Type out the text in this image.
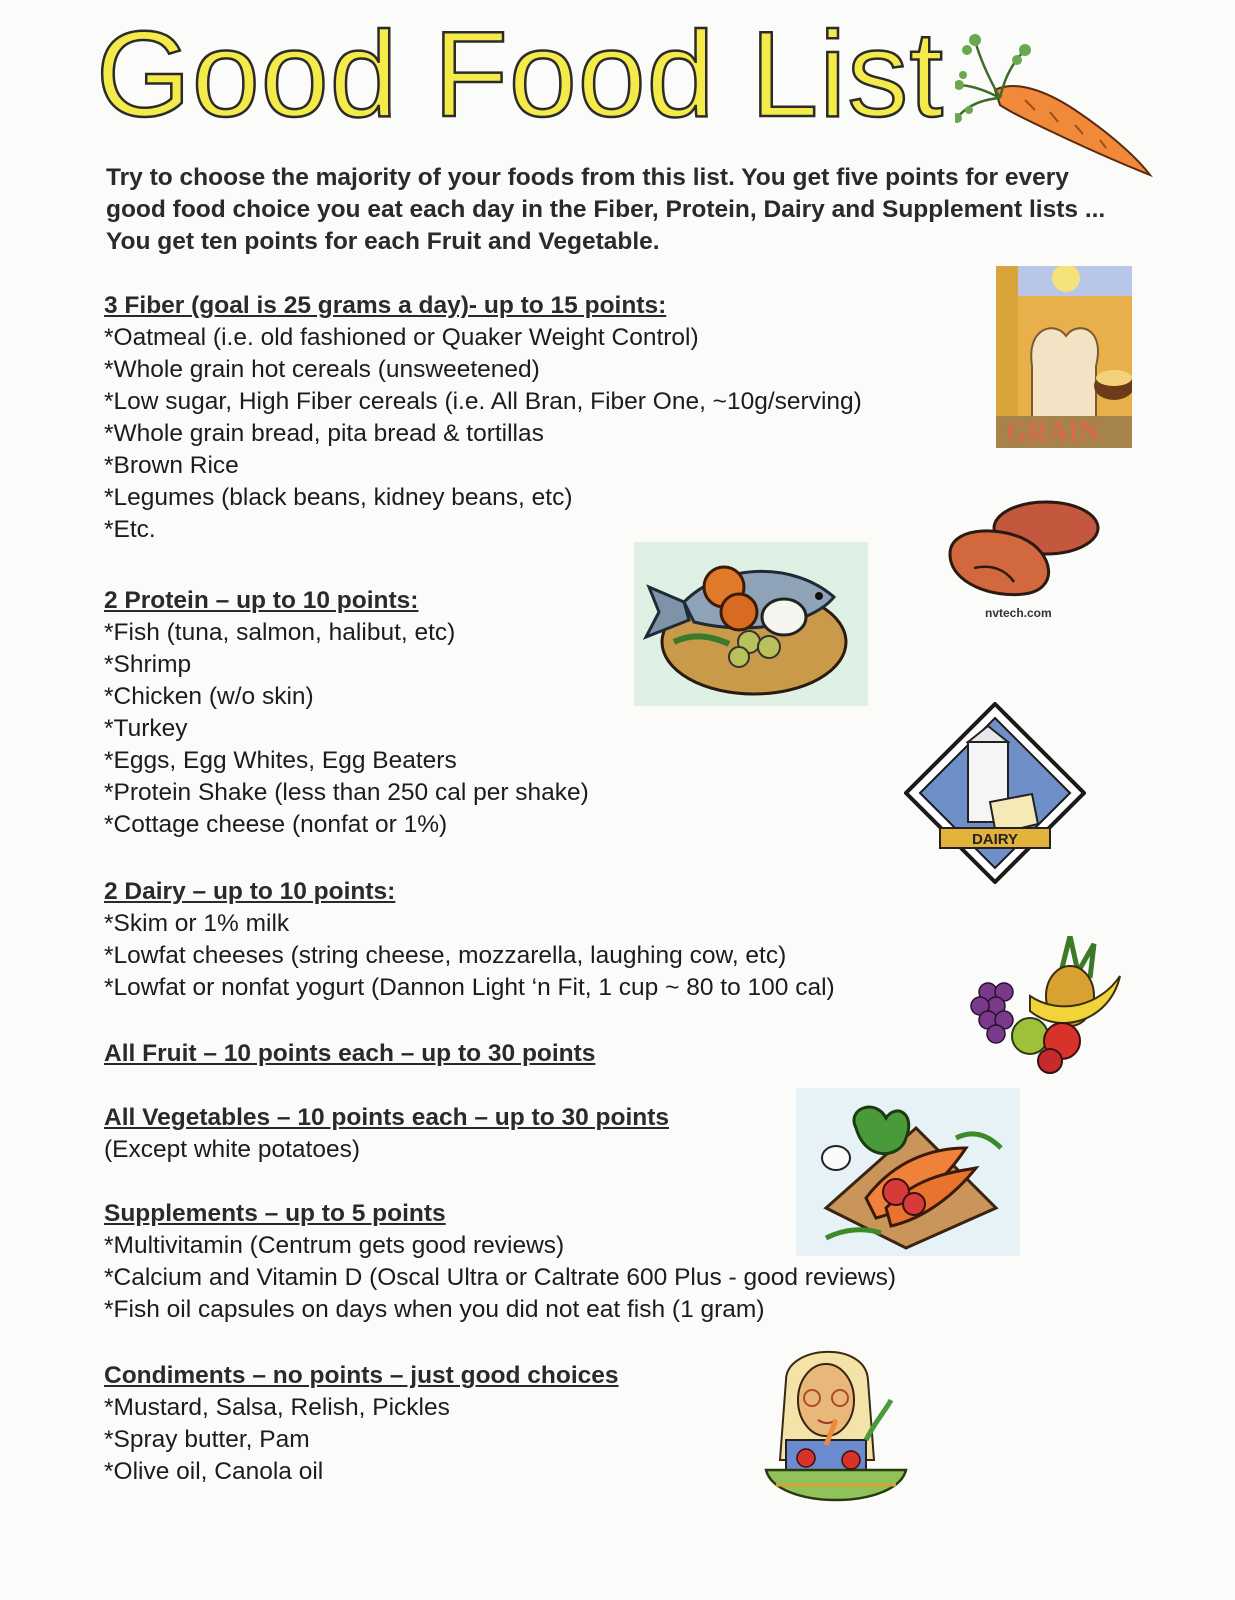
Good Food List
Try to choose the majority of your foods from this list. You get five points for every good food choice you eat each day in the Fiber, Protein, Dairy and Supplement lists ... You get ten points for each Fruit and Vegetable.
3 Fiber (goal is 25 grams a day)- up to 15 points:
*Oatmeal (i.e. old fashioned or Quaker Weight Control)
*Whole grain hot cereals (unsweetened)
*Low sugar, High Fiber cereals (i.e. All Bran, Fiber One, ~10g/serving)
*Whole grain bread, pita bread & tortillas
*Brown Rice
*Legumes (black beans, kidney beans, etc)
*Etc.
2 Protein – up to 10 points:
*Fish (tuna, salmon, halibut, etc)
*Shrimp
*Chicken (w/o skin)
*Turkey
*Eggs, Egg Whites, Egg Beaters
*Protein Shake (less than 250 cal per shake)
*Cottage cheese (nonfat or 1%)
2 Dairy – up to 10 points:
*Skim or 1% milk
*Lowfat cheeses (string cheese, mozzarella, laughing cow, etc)
*Lowfat or nonfat yogurt (Dannon Light ‘n Fit, 1 cup ~ 80 to 100 cal)
All Fruit – 10 points each – up to 30 points
All Vegetables – 10 points each – up to 30 points
(Except white potatoes)
Supplements – up to 5 points
*Multivitamin (Centrum gets good reviews)
*Calcium and Vitamin D (Oscal Ultra or Caltrate 600 Plus - good reviews)
*Fish oil capsules on days when you did not eat fish (1 gram)
Condiments – no points – just good choices
*Mustard, Salsa, Relish, Pickles
*Spray butter, Pam
*Olive oil, Canola oil
GRAIN
nvtech.com
DAIRY
